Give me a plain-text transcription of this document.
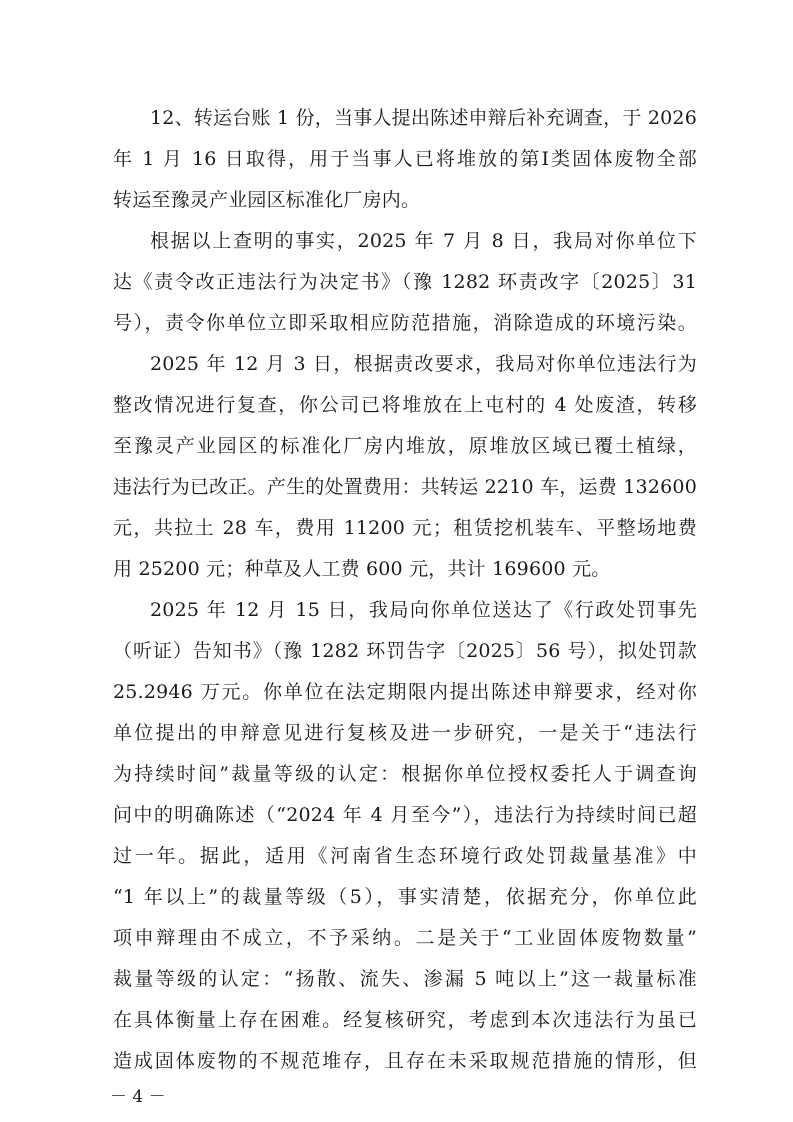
12、转运台账 1 份，当事人提出陈述申辩后补充调查，于 2026
年 1 月 16 日取得，用于当事人已将堆放的第Ⅰ类固体废物全部
转运至豫灵产业园区标准化厂房内。
根据以上查明的事实，2025 年 7 月 8 日，我局对你单位下
达《责令改正违法行为决定书》（豫 1282 环责改字〔2025〕31
号），责令你单位立即采取相应防范措施，消除造成的环境污染。
2025 年 12 月 3 日，根据责改要求，我局对你单位违法行为
整改情况进行复查，你公司已将堆放在上屯村的 4 处废渣，转移
至豫灵产业园区的标准化厂房内堆放，原堆放区域已覆土植绿，
违法行为已改正。产生的处置费用：共转运 2210 车，运费 132600
元，共拉土 28 车，费用 11200 元；租赁挖机装车、平整场地费
用 25200 元；种草及人工费 600 元，共计 169600 元。
2025 年 12 月 15 日，我局向你单位送达了《行政处罚事先
（听证）告知书》（豫 1282 环罚告字〔2025〕56 号），拟处罚款
25.2946 万元。你单位在法定期限内提出陈述申辩要求，经对你
单位提出的申辩意见进行复核及进一步研究，一是关于“违法行
为持续时间”裁量等级的认定：根据你单位授权委托人于调查询
问中的明确陈述（“2024 年 4 月至今”），违法行为持续时间已超
过一年。据此，适用《河南省生态环境行政处罚裁量基准》中
“1 年以上”的裁量等级（5），事实清楚，依据充分，你单位此
项申辩理由不成立，不予采纳。二是关于“工业固体废物数量”
裁量等级的认定：“扬散、流失、渗漏 5 吨以上”这一裁量标准
在具体衡量上存在困难。经复核研究，考虑到本次违法行为虽已
造成固体废物的不规范堆存，且存在未采取规范措施的情形，但
－ 4 －
